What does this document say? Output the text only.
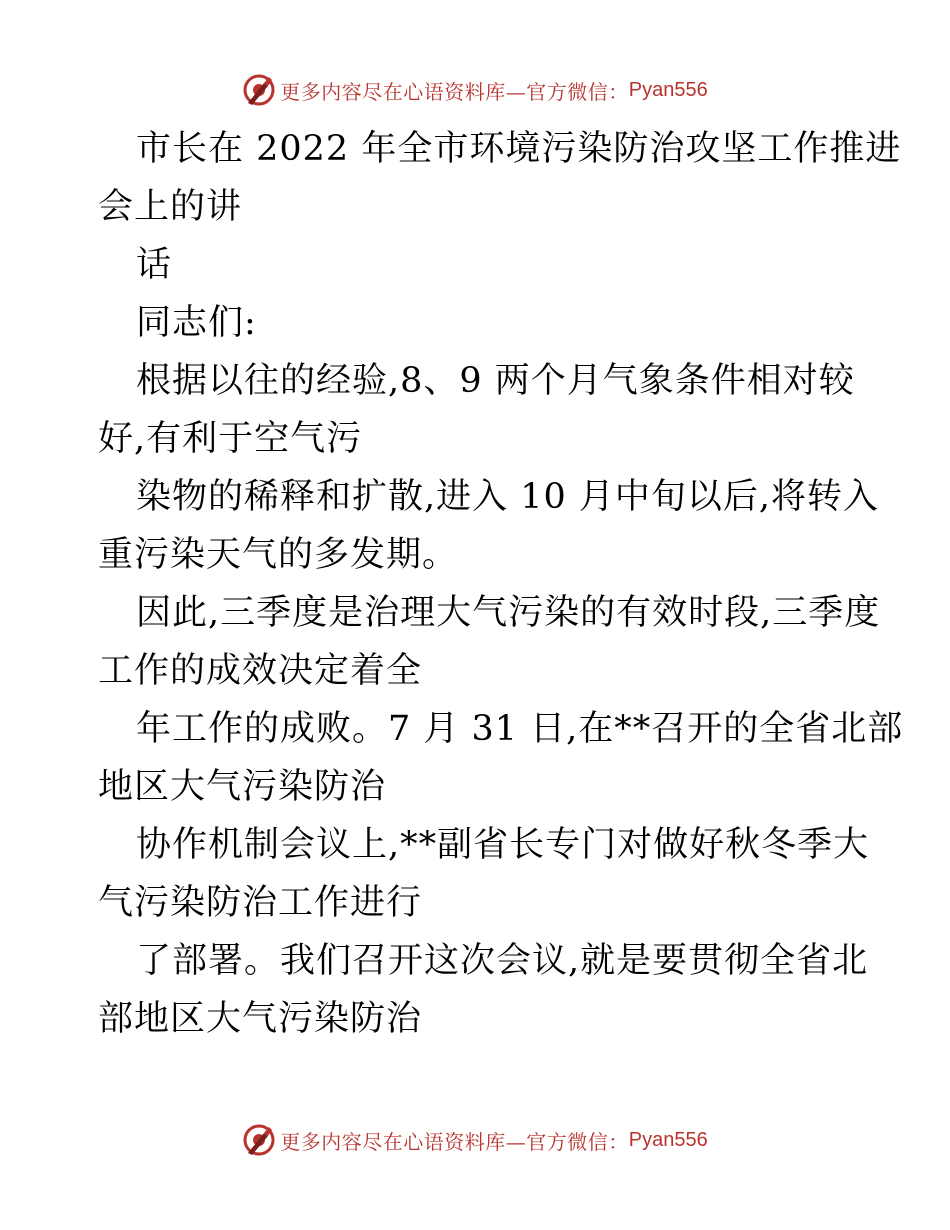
更多内容尽在心语资料库—官方微信： Pyan556
市长在 2022 年全市环境污染防治攻坚工作推进
会上的讲
话
同志们:
根据以往的经验,8、9 两个月气象条件相对较
好,有利于空气污
染物的稀释和扩散,进入 10 月中旬以后,将转入
重污染天气的多发期。
因此,三季度是治理大气污染的有效时段,三季度
工作的成效决定着全
年工作的成败。7 月 31 日,在**召开的全省北部
地区大气污染防治
协作机制会议上,**副省长专门对做好秋冬季大
气污染防治工作进行
了部署。我们召开这次会议,就是要贯彻全省北
部地区大气污染防治
更多内容尽在心语资料库—官方微信： Pyan556
